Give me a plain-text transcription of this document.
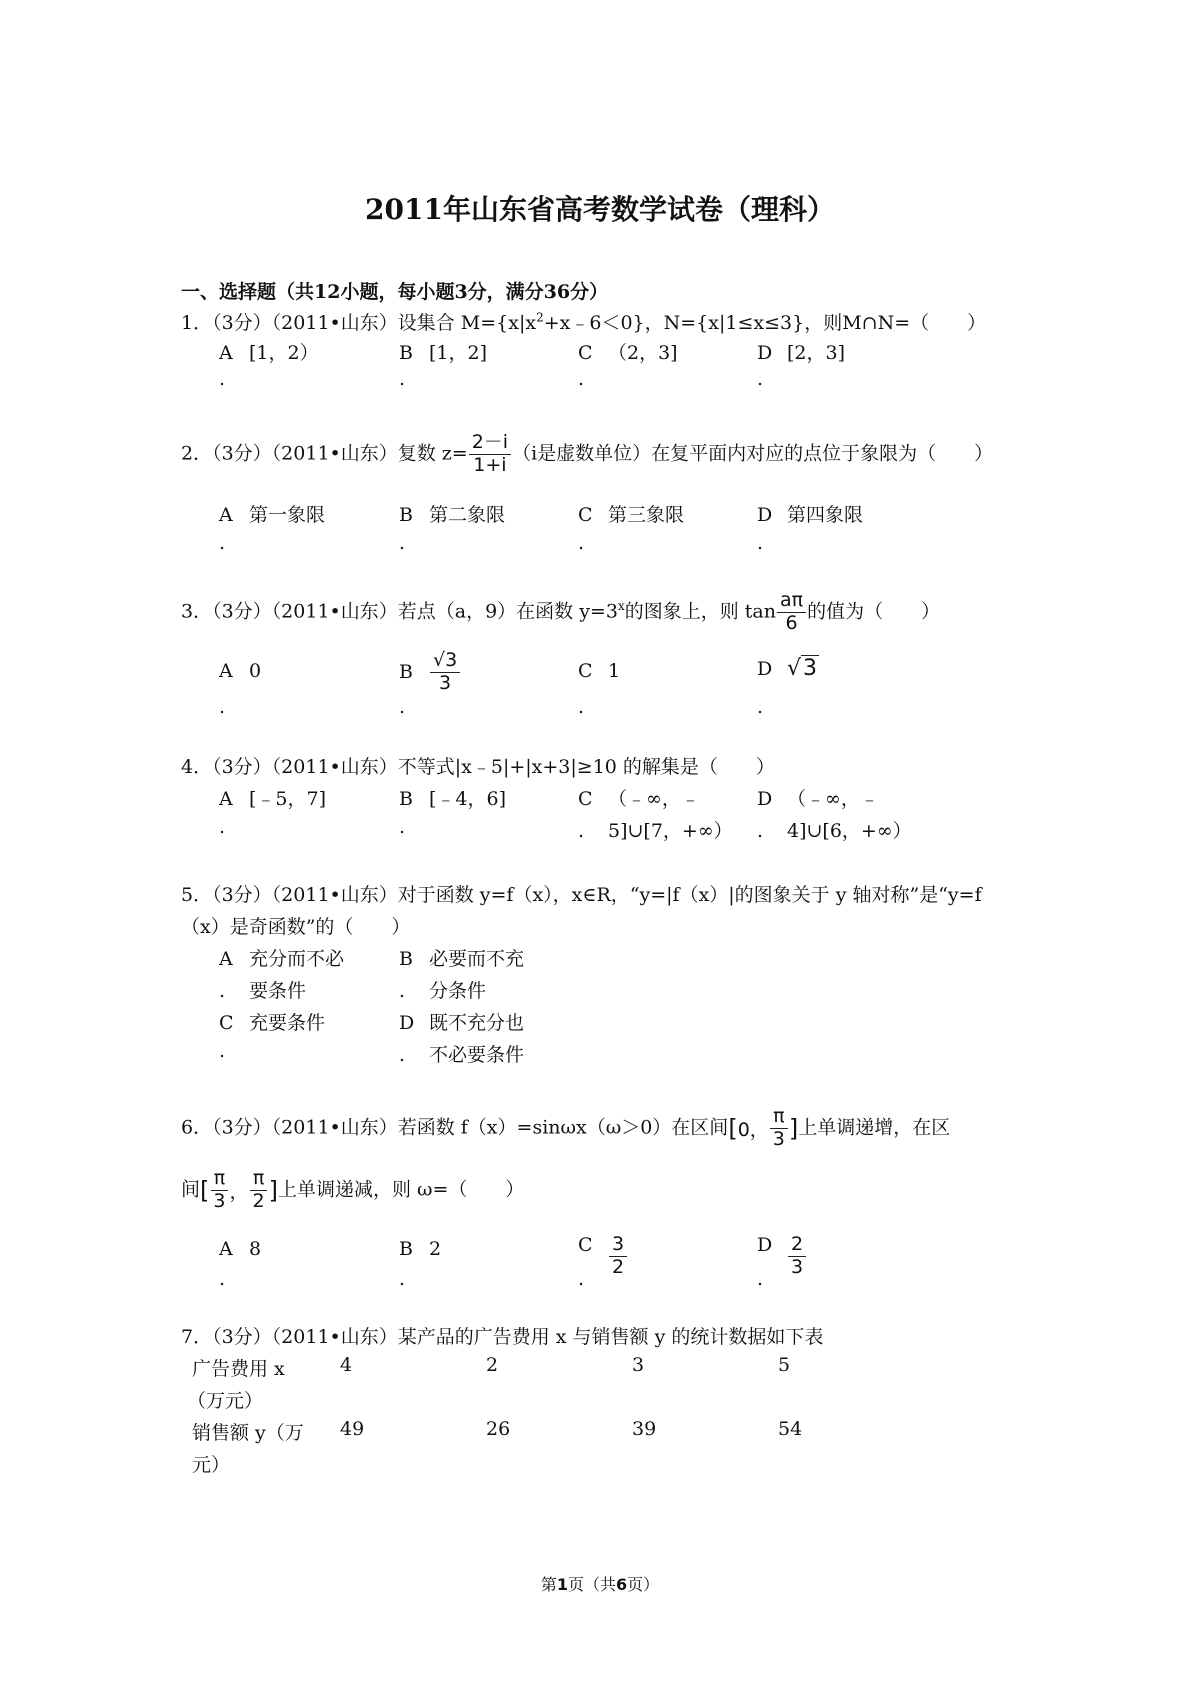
2011年山东省高考数学试卷（理科）
一、选择题（共12小题，每小题3分，满分36分）
1．（3分）（2011•山东）设集合 $M=\{x|x^2+x﹣6<0\}$，N={x|1≤x≤3}，则M∩N=（　　）
A [1，2）
.
B [1，2]
.
C （2，3]
.
D [2，3]
.
2．（3分）（2011•山东）复数 $z= \frac{2-i}{1+i} (i$是虚数单位）在复平面内对应的点位于象限为（　　）
A 第一象限
.
B 第二象限
.
C 第三象限
.
D 第四象限
.
3．（3分）（2011•山东）若点（a，9）在函数 $y=3^x$的图象上，则 $\tan \frac{a\pi}{6}$ 的值为（　　）
A 0
.
B $\frac{√3}{3}$
.
C 1
.
D √3
.
4．（3分）（2011•山东）不等式|x﹣5|+|x+3|≥10 的解集是（　　）
A [﹣5，7]
.
B [﹣4，6]
.
C （﹣∞，﹣
. 5]∪[7，+∞）
D （﹣∞，﹣
. 4]∪[6，+∞）
5．（3分）（2011•山东）对于函数 y=f（x），x∈R，“y=|f（x）|的图象关于 y 轴对称”是“y=f
（x）是奇函数”的（　　）
A 充分而不必
. 要条件
B 必要而不充
. 分条件
C 充要条件
.
D 既不充分也
. 不必要条件
6．（3分）（2011•山东）若函数 f（x）=sinωx（ω＞0）在区间[0， $\frac{\pi}{3}$ ]上单调递增，在区
间[ $\frac{\pi}{3}$ ， $\frac{\pi}{2}$ ]上单调递减，则 ω=（　　）
A 8
.
B 2
.
C $\frac{3}{2}$
.
D $\frac{2}{3}$
.
7．（3分）（2011•山东）某产品的广告费用 x 与销售额 y 的统计数据如下表
广告费用 x
（万元）
4	2	3	5
销售额 y（万
元）
49	26	39	54
第1页（共6页）
